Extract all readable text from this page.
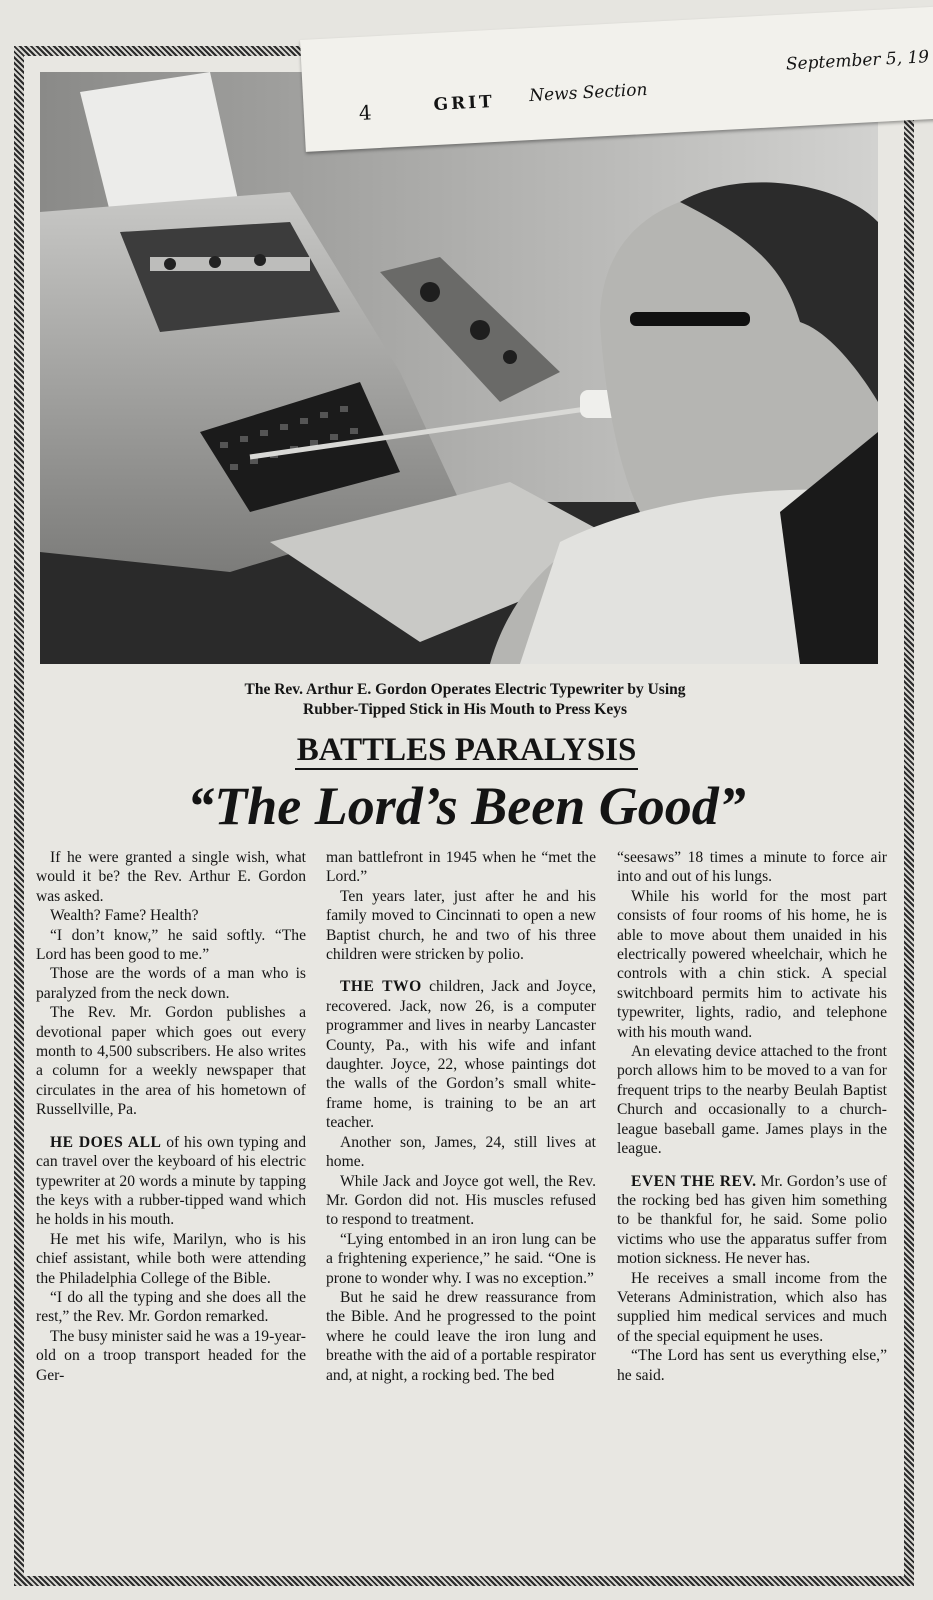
4	GRIT News Section
September 5, 19
The Rev. Arthur E. Gordon Operates Electric Typewriter by Using
Rubber-Tipped Stick in His Mouth to Press Keys
BATTLES PARALYSIS
“The Lord’s Been Good”

If he were granted a single wish, what would it be? the Rev. Arthur E. Gordon was asked.

Wealth? Fame? Health?

“I don’t know,” he said softly. “The Lord has been good to me.”

Those are the words of a man who is paralyzed from the neck down.

The Rev. Mr. Gordon publishes a devotional paper which goes out every month to 4,500 subscribers. He also writes a column for a weekly newspaper that circulates in the area of his hometown of Russellville, Pa.

HE DOES ALL of his own typing and can travel over the keyboard of his electric typewriter at 20 words a minute by tapping the keys with a rubber-tipped wand which he holds in his mouth.

He met his wife, Marilyn, who is his chief assistant, while both were attending the Philadelphia College of the Bible.

“I do all the typing and she does all the rest,” the Rev. Mr. Gordon remarked.

The busy minister said he was a 19-year-old on a troop transport headed for the Ger-

man battlefront in 1945 when he “met the Lord.”

Ten years later, just after he and his family moved to Cincinnati to open a new Baptist church, he and two of his three children were stricken by polio.

THE TWO children, Jack and Joyce, recovered. Jack, now 26, is a computer programmer and lives in nearby Lancaster County, Pa., with his wife and infant daughter. Joyce, 22, whose paintings dot the walls of the Gordon’s small white-frame home, is training to be an art teacher.

Another son, James, 24, still lives at home.

While Jack and Joyce got well, the Rev. Mr. Gordon did not. His muscles refused to respond to treatment.

“Lying entombed in an iron lung can be a frightening experience,” he said. “One is prone to wonder why. I was no exception.”

But he said he drew reassurance from the Bible. And he progressed to the point where he could leave the iron lung and breathe with the aid of a portable respirator and, at night, a rocking bed. The bed

“seesaws” 18 times a minute to force air into and out of his lungs.

While his world for the most part consists of four rooms of his home, he is able to move about them unaided in his electrically powered wheelchair, which he controls with a chin stick. A special switchboard permits him to activate his typewriter, lights, radio, and telephone with his mouth wand.

An elevating device attached to the front porch allows him to be moved to a van for frequent trips to the nearby Beulah Baptist Church and occasionally to a church-league baseball game. James plays in the league.

EVEN THE REV. Mr. Gordon’s use of the rocking bed has given him something to be thankful for, he said. Some polio victims who use the apparatus suffer from motion sickness. He never has.

He receives a small income from the Veterans Administration, which also has supplied him medical services and much of the special equipment he uses.

“The Lord has sent us everything else,” he said.
